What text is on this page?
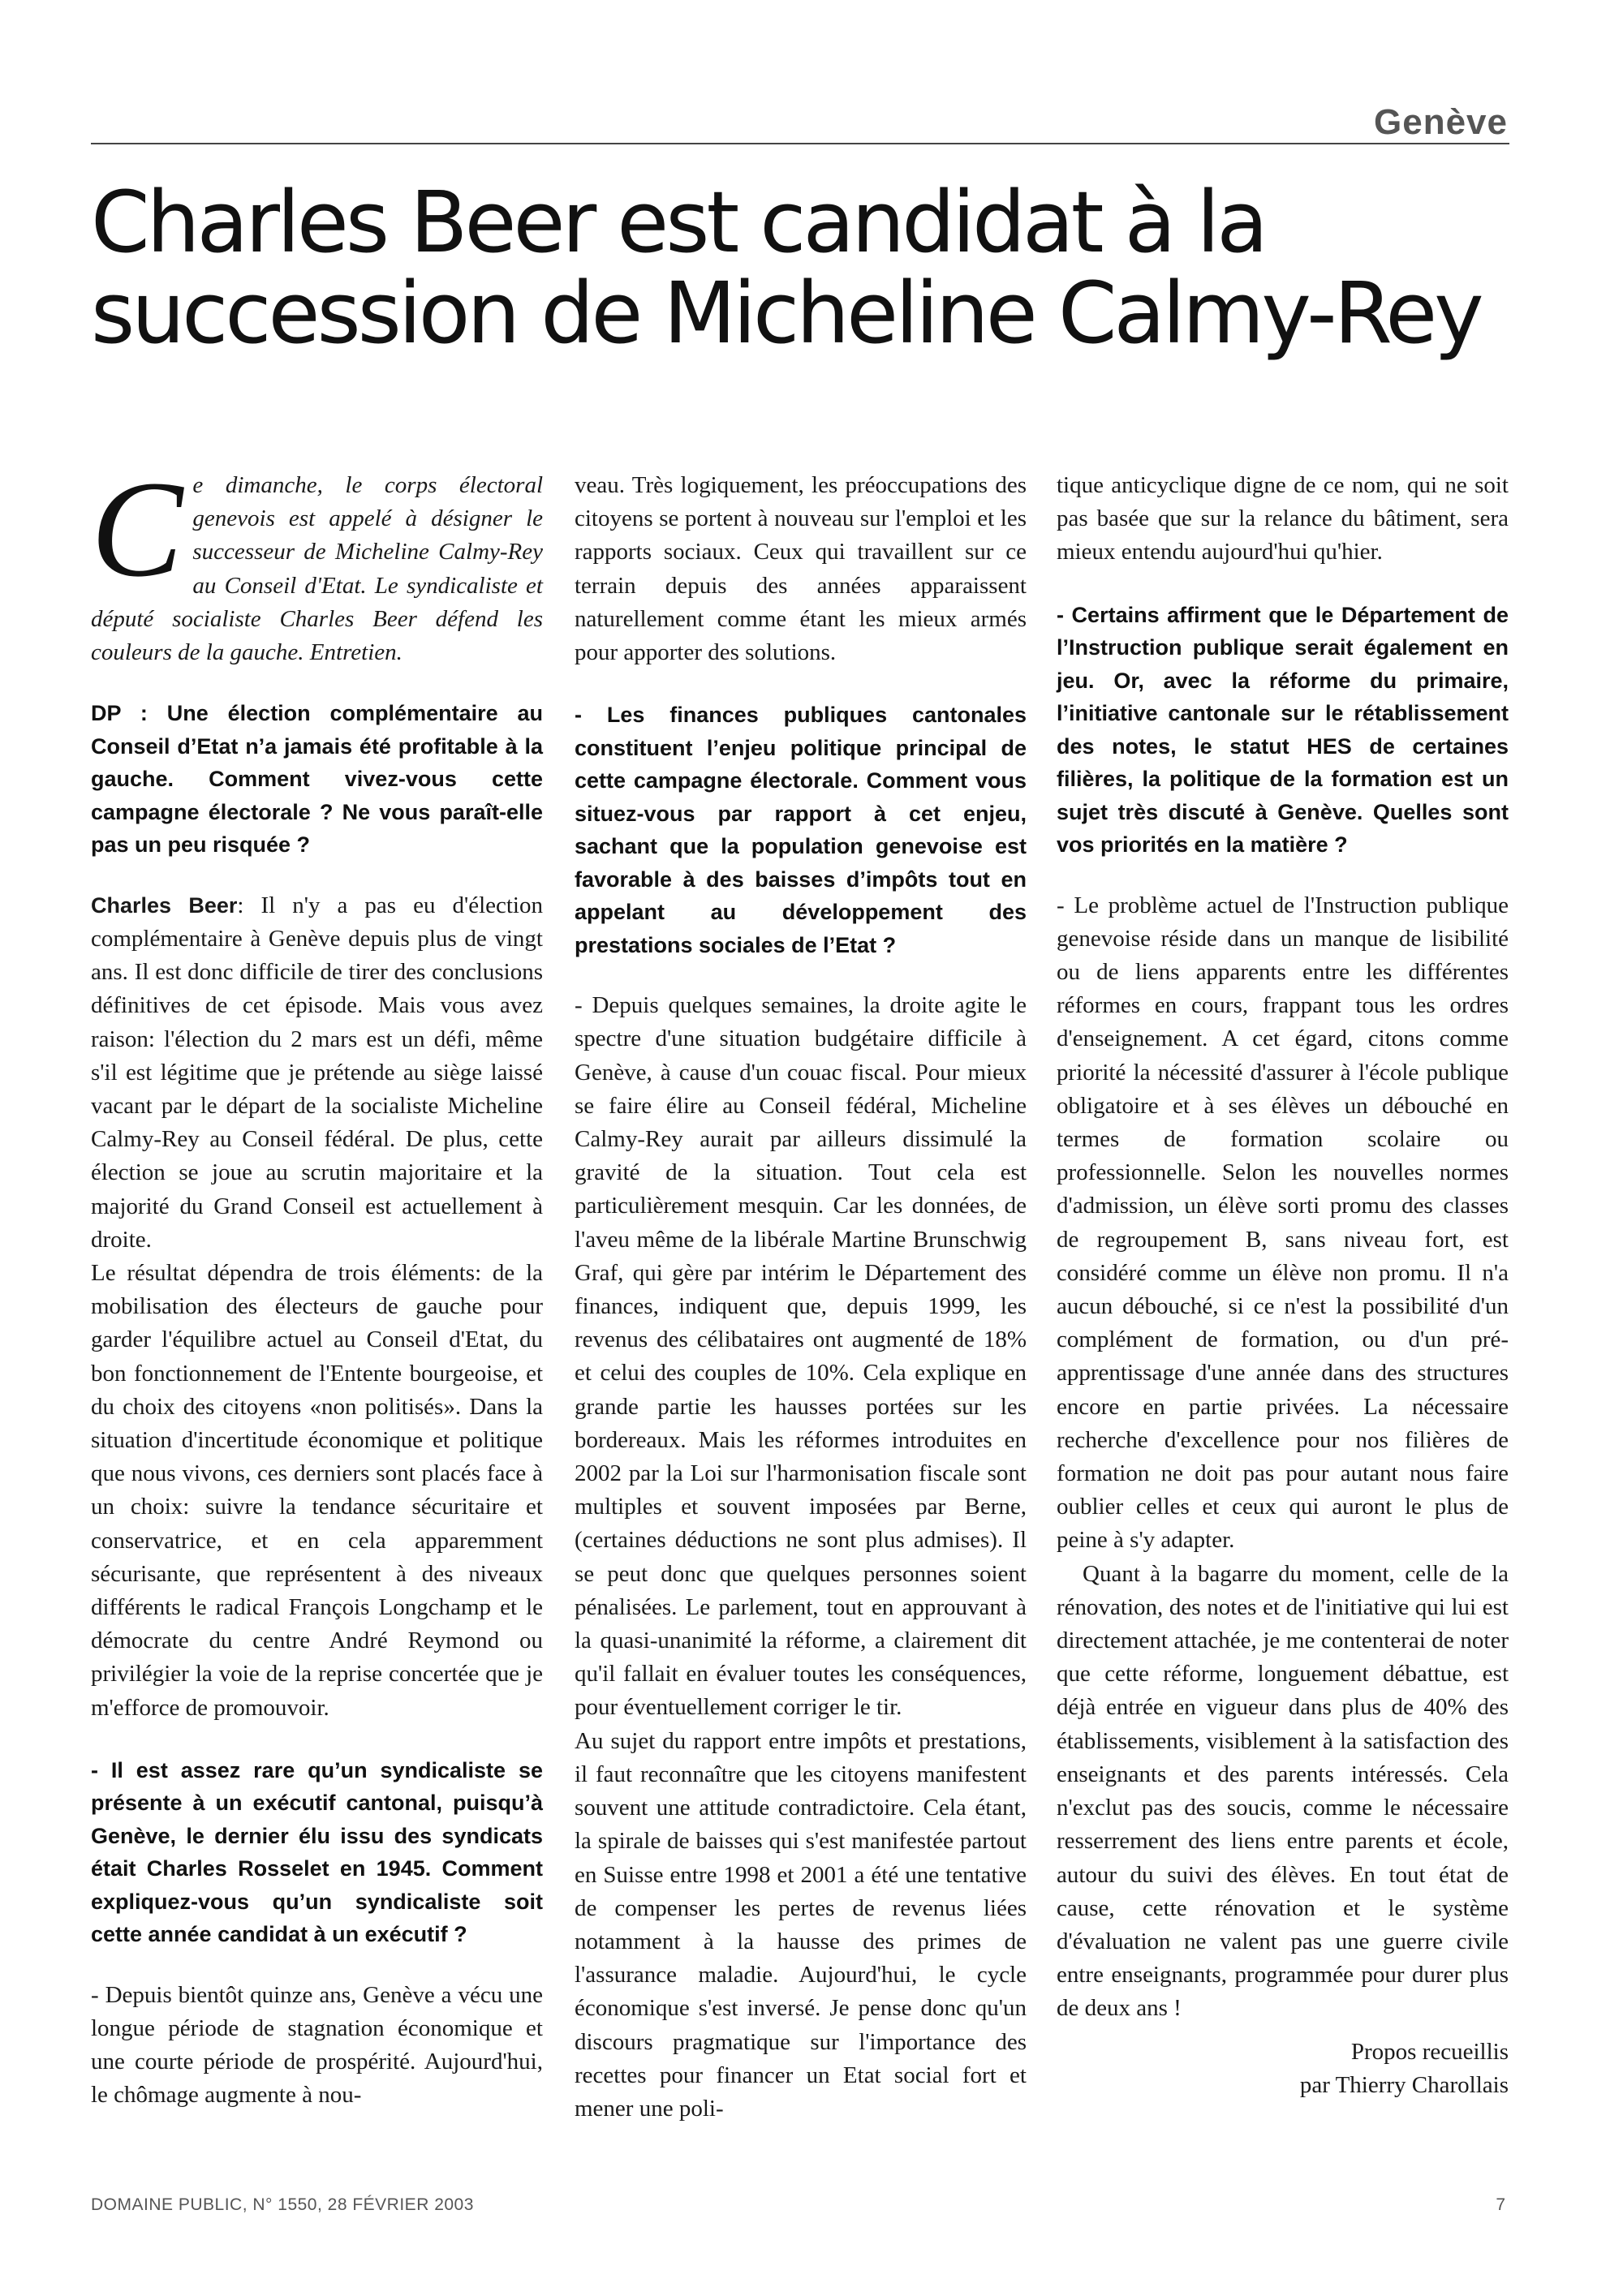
Genève
Charles Beer est candidat à la succession de Micheline Calmy-Rey

Ce dimanche, le corps électoral genevois est appelé à désigner le successeur de Micheline Calmy-Rey au Conseil d'Etat. Le syndicaliste et député socialiste Charles Beer défend les couleurs de la gauche. Entretien.

DP : Une élection complémentaire au Conseil d’Etat n’a jamais été profitable à la gauche. Comment vivez-vous cette campagne électorale ? Ne vous paraît-elle pas un peu risquée ?

Charles Beer: Il n'y a pas eu d'élection complémentaire à Genève depuis plus de vingt ans. Il est donc difficile de tirer des conclusions définitives de cet épisode. Mais vous avez raison: l'élection du 2 mars est un défi, même s'il est légitime que je prétende au siège laissé vacant par le départ de la socialiste Micheline Calmy-Rey au Conseil fédéral. De plus, cette élection se joue au scrutin majoritaire et la majorité du Grand Conseil est actuellement à droite.

Le résultat dépendra de trois éléments: de la mobilisation des électeurs de gauche pour garder l'équilibre actuel au Conseil d'Etat, du bon fonctionnement de l'Entente bourgeoise, et du choix des citoyens «non politisés». Dans la situation d'incertitude économique et politique que nous vivons, ces derniers sont placés face à un choix: suivre la tendance sécuritaire et conservatrice, et en cela apparemment sécurisante, que représentent à des niveaux différents le radical François Longchamp et le démocrate du centre André Reymond ou privilégier la voie de la reprise concertée que je m'efforce de promouvoir.

- Il est assez rare qu’un syndicaliste se présente à un exécutif cantonal, puisqu’à Genève, le dernier élu issu des syndicats était Charles Rosselet en 1945. Comment expliquez-vous qu’un syndicaliste soit cette année candidat à un exécutif ?

- Depuis bientôt quinze ans, Genève a vécu une longue période de stagnation économique et une courte période de prospérité. Aujourd'hui, le chômage augmente à nou-

veau. Très logiquement, les préoccupations des citoyens se portent à nouveau sur l'emploi et les rapports sociaux. Ceux qui travaillent sur ce terrain depuis des années apparaissent naturellement comme étant les mieux armés pour apporter des solutions.

- Les finances publiques cantonales constituent l’enjeu politique principal de cette campagne électorale. Comment vous situez-vous par rapport à cet enjeu, sachant que la population genevoise est favorable à des baisses d’impôts tout en appelant au développement des prestations sociales de l’Etat ?

- Depuis quelques semaines, la droite agite le spectre d'une situation budgétaire difficile à Genève, à cause d'un couac fiscal. Pour mieux se faire élire au Conseil fédéral, Micheline Calmy-Rey aurait par ailleurs dissimulé la gravité de la situation. Tout cela est particulièrement mesquin. Car les données, de l'aveu même de la libérale Martine Brunschwig Graf, qui gère par intérim le Département des finances, indiquent que, depuis 1999, les revenus des célibataires ont augmenté de 18% et celui des couples de 10%. Cela explique en grande partie les hausses portées sur les bordereaux. Mais les réformes introduites en 2002 par la Loi sur l'harmonisation fiscale sont multiples et souvent imposées par Berne, (certaines déductions ne sont plus admises). Il se peut donc que quelques personnes soient pénalisées. Le parlement, tout en approuvant à la quasi-unanimité la réforme, a clairement dit qu'il fallait en évaluer toutes les conséquences, pour éventuellement corriger le tir.

Au sujet du rapport entre impôts et prestations, il faut reconnaître que les citoyens manifestent souvent une attitude contradictoire. Cela étant, la spirale de baisses qui s'est manifestée partout en Suisse entre 1998 et 2001 a été une tentative de compenser les pertes de revenus liées notamment à la hausse des primes de l'assurance maladie. Aujourd'hui, le cycle économique s'est inversé. Je pense donc qu'un discours pragmatique sur l'importance des recettes pour financer un Etat social fort et mener une poli-

tique anticyclique digne de ce nom, qui ne soit pas basée que sur la relance du bâtiment, sera mieux entendu aujourd'hui qu'hier.

- Certains affirment que le Département de l’Instruction publique serait également en jeu. Or, avec la réforme du primaire, l’initiative cantonale sur le rétablissement des notes, le statut HES de certaines filières, la politique de la formation est un sujet très discuté à Genève. Quelles sont vos priorités en la matière ?

- Le problème actuel de l'Instruction publique genevoise réside dans un manque de lisibilité ou de liens apparents entre les différentes réformes en cours, frappant tous les ordres d'enseignement. A cet égard, citons comme priorité la nécessité d'assurer à l'école publique obligatoire et à ses élèves un débouché en termes de formation scolaire ou professionnelle. Selon les nouvelles normes d'admission, un élève sorti promu des classes de regroupement B, sans niveau fort, est considéré comme un élève non promu. Il n'a aucun débouché, si ce n'est la possibilité d'un complément de formation, ou d'un pré-apprentissage d'une année dans des structures encore en partie privées. La nécessaire recherche d'excellence pour nos filières de formation ne doit pas pour autant nous faire oublier celles et ceux qui auront le plus de peine à s'y adapter.

Quant à la bagarre du moment, celle de la rénovation, des notes et de l'initiative qui lui est directement attachée, je me contenterai de noter que cette réforme, longuement débattue, est déjà entrée en vigueur dans plus de 40% des établissements, visiblement à la satisfaction des enseignants et des parents intéressés. Cela n'exclut pas des soucis, comme le nécessaire resserrement des liens entre parents et école, autour du suivi des élèves. En tout état de cause, cette rénovation et le système d'évaluation ne valent pas une guerre civile entre enseignants, programmée pour durer plus de deux ans !

Propos recueillis
par Thierry Charollais

DOMAINE PUBLIC, N° 1550, 28 FÉVRIER 2003	7
